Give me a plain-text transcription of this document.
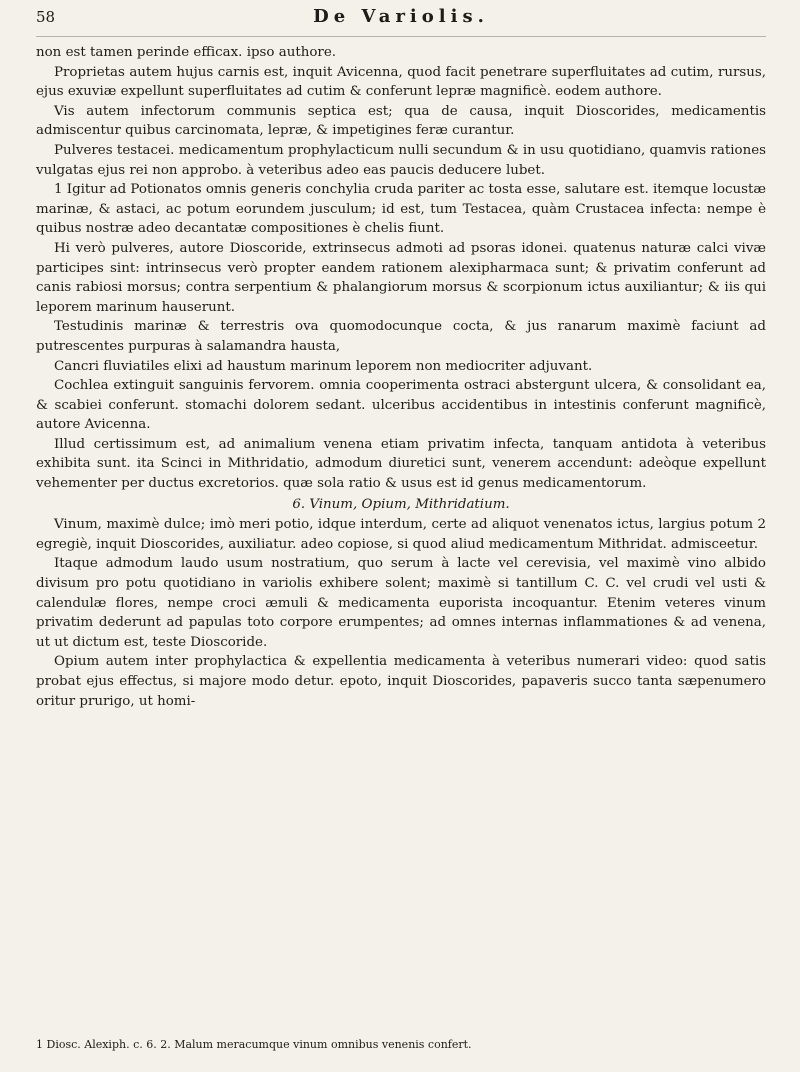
58	De Variolis.

non est tamen perinde efficax. ipso authore.

Proprietas autem hujus carnis est, inquit Avicenna, quod facit penetrare superfluitates ad cutim, rursus, ejus exuviæ expellunt superfluitates ad cutim & conferunt lepræ magnificè. eodem authore.

Vis autem infectorum communis septica est; qua de causa, inquit Dioscorides, medicamentis admiscentur quibus carcinomata, lepræ, & impetigines feræ curantur.

Pulveres testacei. medicamentum prophylacticum nulli secundum & in usu quotidiano, quamvis rationes vulgatas ejus rei non approbo. à veteribus adeo eas paucis deducere lubet.

1 Igitur ad Potionatos omnis generis conchylia cruda pariter ac tosta esse, salutare est. itemque locustæ marinæ, & astaci, ac potum eorundem jusculum; id est, tum Testacea, quàm Crustacea infecta: nempe è quibus nostræ adeo decantatæ compositiones è chelis fiunt.

Hi verò pulveres, autore Dioscoride, extrinsecus admoti ad psoras idonei. quatenus naturæ calci vivæ participes sint: intrinsecus verò propter eandem rationem alexipharmaca sunt; & privatim conferunt ad canis rabiosi morsus; contra serpentium & phalangiorum morsus & scorpionum ictus auxiliantur; & iis qui leporem marinum hauserunt.

Testudinis marinæ & terrestris ova quomodocunque cocta, & jus ranarum maximè faciunt ad putrescentes purpuras à salamandra hausta,

Cancri fluviatiles elixi ad haustum marinum leporem non mediocriter adjuvant.

Cochlea extinguit sanguinis fervorem. omnia cooperimenta ostraci abstergunt ulcera, & consolidant ea, & scabiei conferunt. stomachi dolorem sedant. ulceribus accidentibus in intestinis conferunt magnificè, autore Avicenna.

Illud certissimum est, ad animalium venena etiam privatim infecta, tanquam antidota à veteribus exhibita sunt. ita Scinci in Mithridatio, admodum diuretici sunt, venerem accendunt: adeòque expellunt vehementer per ductus excretorios. quæ sola ratio & usus est id genus medicamentorum.

6. Vinum, Opium, Mithridatium.

Vinum, maximè dulce; imò meri potio, idque interdum, certe ad aliquot venenatos ictus, largius potum 2 egregiè, inquit Dioscorides, auxiliatur. adeo copiose, si quod aliud medicamentum Mithridat. admisceetur.

Itaque admodum laudo usum nostratium, quo serum à lacte vel cerevisia, vel maximè vino albido divisum pro potu quotidiano in variolis exhibere solent; maximè si tantillum C. C. vel crudi vel usti & calendulæ flores, nempe croci æmuli & medicamenta euporista incoquantur. Etenim veteres vinum privatim dederunt ad papulas toto corpore erumpentes; ad omnes internas inflammationes & ad venena, ut ut dictum est, teste Dioscoride.

Opium autem inter prophylactica & expellentia medicamenta à veteribus numerari video: quod satis probat ejus effectus, si majore modo detur. epoto, inquit Dioscorides, papaveris succo tanta sæpenumero oritur prurigo, ut homi-

1 Diosc. Alexiph. c. 6. 2. Malum meracumque vinum omnibus venenis confert.
